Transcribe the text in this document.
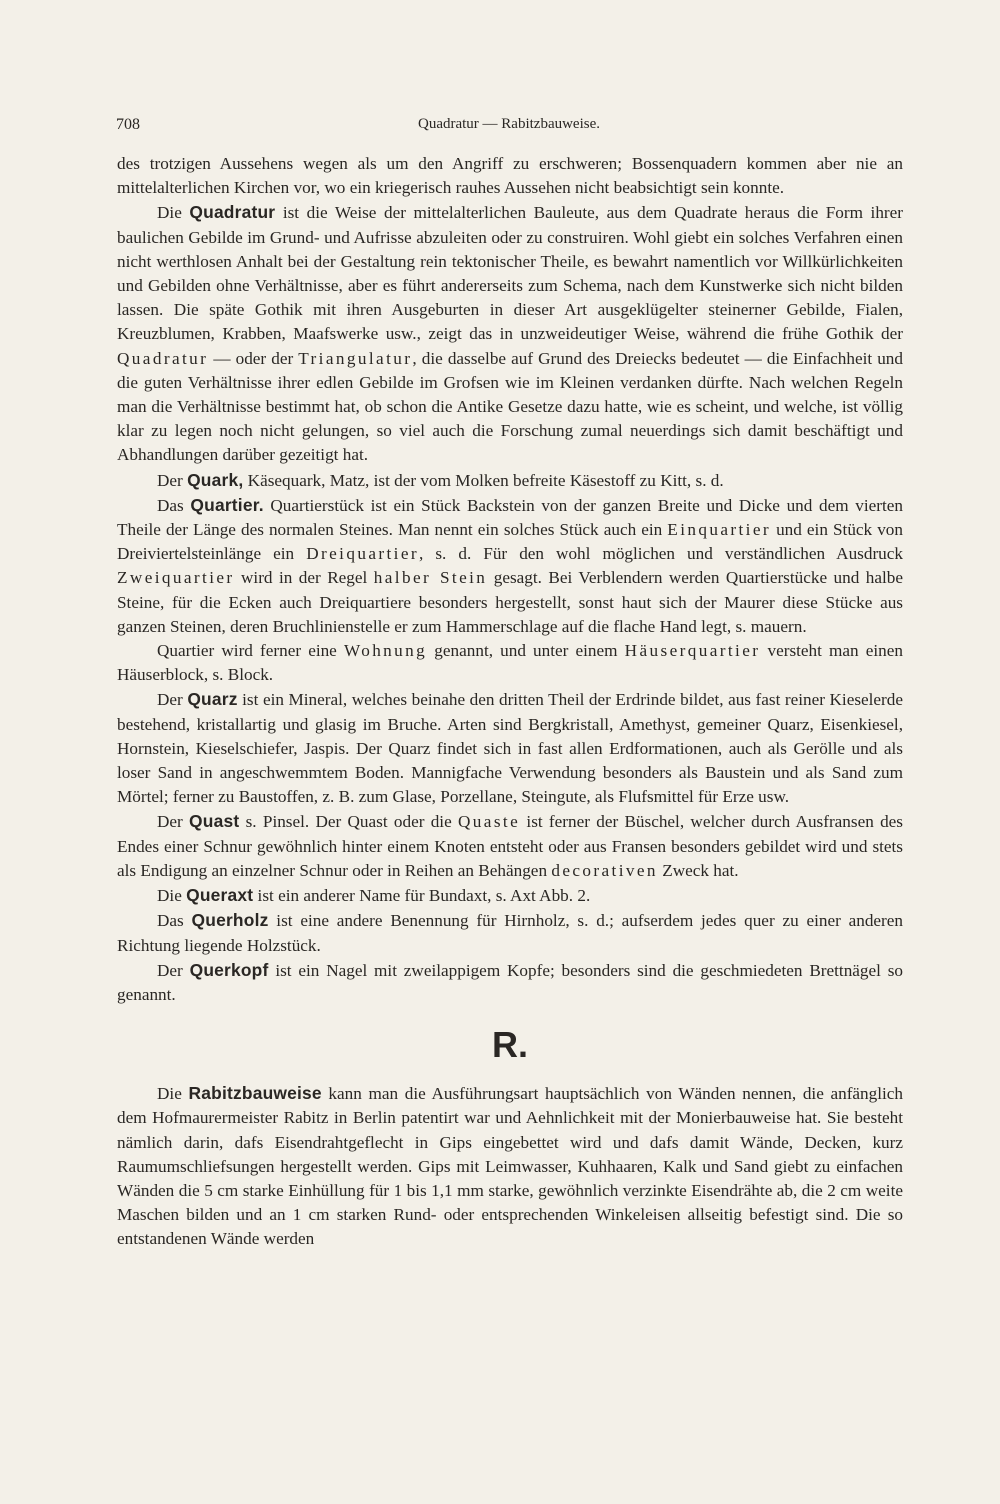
708	Quadratur — Rabitzbauweise.

des trotzigen Aussehens wegen als um den Angriff zu erschweren; Bossenquadern kommen aber nie an mittelalterlichen Kirchen vor, wo ein kriegerisch rauhes Aussehen nicht beabsichtigt sein konnte.

Die Quadratur ist die Weise der mittelalterlichen Bauleute, aus dem Quadrate heraus die Form ihrer baulichen Gebilde im Grund- und Aufrisse abzuleiten oder zu construiren. Wohl giebt ein solches Verfahren einen nicht werthlosen Anhalt bei der Gestaltung rein tektonischer Theile, es bewahrt namentlich vor Willkürlichkeiten und Gebilden ohne Verhältnisse, aber es führt andererseits zum Schema, nach dem Kunstwerke sich nicht bilden lassen. Die späte Gothik mit ihren Ausgeburten in dieser Art ausgeklügelter steinerner Gebilde, Fialen, Kreuzblumen, Krabben, Maafswerke usw., zeigt das in unzweideutiger Weise, während die frühe Gothik der Quadratur — oder der Triangulatur, die dasselbe auf Grund des Dreiecks bedeutet — die Einfachheit und die guten Verhältnisse ihrer edlen Gebilde im Grofsen wie im Kleinen verdanken dürfte. Nach welchen Regeln man die Verhältnisse bestimmt hat, ob schon die Antike Gesetze dazu hatte, wie es scheint, und welche, ist völlig klar zu legen noch nicht gelungen, so viel auch die Forschung zumal neuerdings sich damit beschäftigt und Abhandlungen darüber gezeitigt hat.

Der Quark, Käsequark, Matz, ist der vom Molken befreite Käsestoff zu Kitt, s. d.

Das Quartier. Quartierstück ist ein Stück Backstein von der ganzen Breite und Dicke und dem vierten Theile der Länge des normalen Steines. Man nennt ein solches Stück auch ein Einquartier und ein Stück von Dreiviertelsteinlänge ein Dreiquartier, s. d. Für den wohl möglichen und verständlichen Ausdruck Zweiquartier wird in der Regel halber Stein gesagt. Bei Verblendern werden Quartierstücke und halbe Steine, für die Ecken auch Dreiquartiere besonders hergestellt, sonst haut sich der Maurer diese Stücke aus ganzen Steinen, deren Bruchlinienstelle er zum Hammerschlage auf die flache Hand legt, s. mauern.

Quartier wird ferner eine Wohnung genannt, und unter einem Häuserquartier versteht man einen Häuserblock, s. Block.

Der Quarz ist ein Mineral, welches beinahe den dritten Theil der Erdrinde bildet, aus fast reiner Kieselerde bestehend, kristallartig und glasig im Bruche. Arten sind Bergkristall, Amethyst, gemeiner Quarz, Eisenkiesel, Hornstein, Kieselschiefer, Jaspis. Der Quarz findet sich in fast allen Erdformationen, auch als Gerölle und als loser Sand in angeschwemmtem Boden. Mannigfache Verwendung besonders als Baustein und als Sand zum Mörtel; ferner zu Baustoffen, z. B. zum Glase, Porzellane, Steingute, als Flufsmittel für Erze usw.

Der Quast s. Pinsel. Der Quast oder die Quaste ist ferner der Büschel, welcher durch Ausfransen des Endes einer Schnur gewöhnlich hinter einem Knoten entsteht oder aus Fransen besonders gebildet wird und stets als Endigung an einzelner Schnur oder in Reihen an Behängen decorativen Zweck hat.

Die Queraxt ist ein anderer Name für Bundaxt, s. Axt Abb. 2.

Das Querholz ist eine andere Benennung für Hirnholz, s. d.; aufserdem jedes quer zu einer anderen Richtung liegende Holzstück.

Der Querkopf ist ein Nagel mit zweilappigem Kopfe; besonders sind die geschmiedeten Brettnägel so genannt.

R.

Die Rabitzbauweise kann man die Ausführungsart hauptsächlich von Wänden nennen, die anfänglich dem Hofmaurermeister Rabitz in Berlin patentirt war und Aehnlichkeit mit der Monierbauweise hat. Sie besteht nämlich darin, dafs Eisendrahtgeflecht in Gips eingebettet wird und dafs damit Wände, Decken, kurz Raumumschliefsungen hergestellt werden. Gips mit Leimwasser, Kuhhaaren, Kalk und Sand giebt zu einfachen Wänden die 5 cm starke Einhüllung für 1 bis 1,1 mm starke, gewöhnlich verzinkte Eisendrähte ab, die 2 cm weite Maschen bilden und an 1 cm starken Rund- oder entsprechenden Winkeleisen allseitig befestigt sind. Die so entstandenen Wände werden
